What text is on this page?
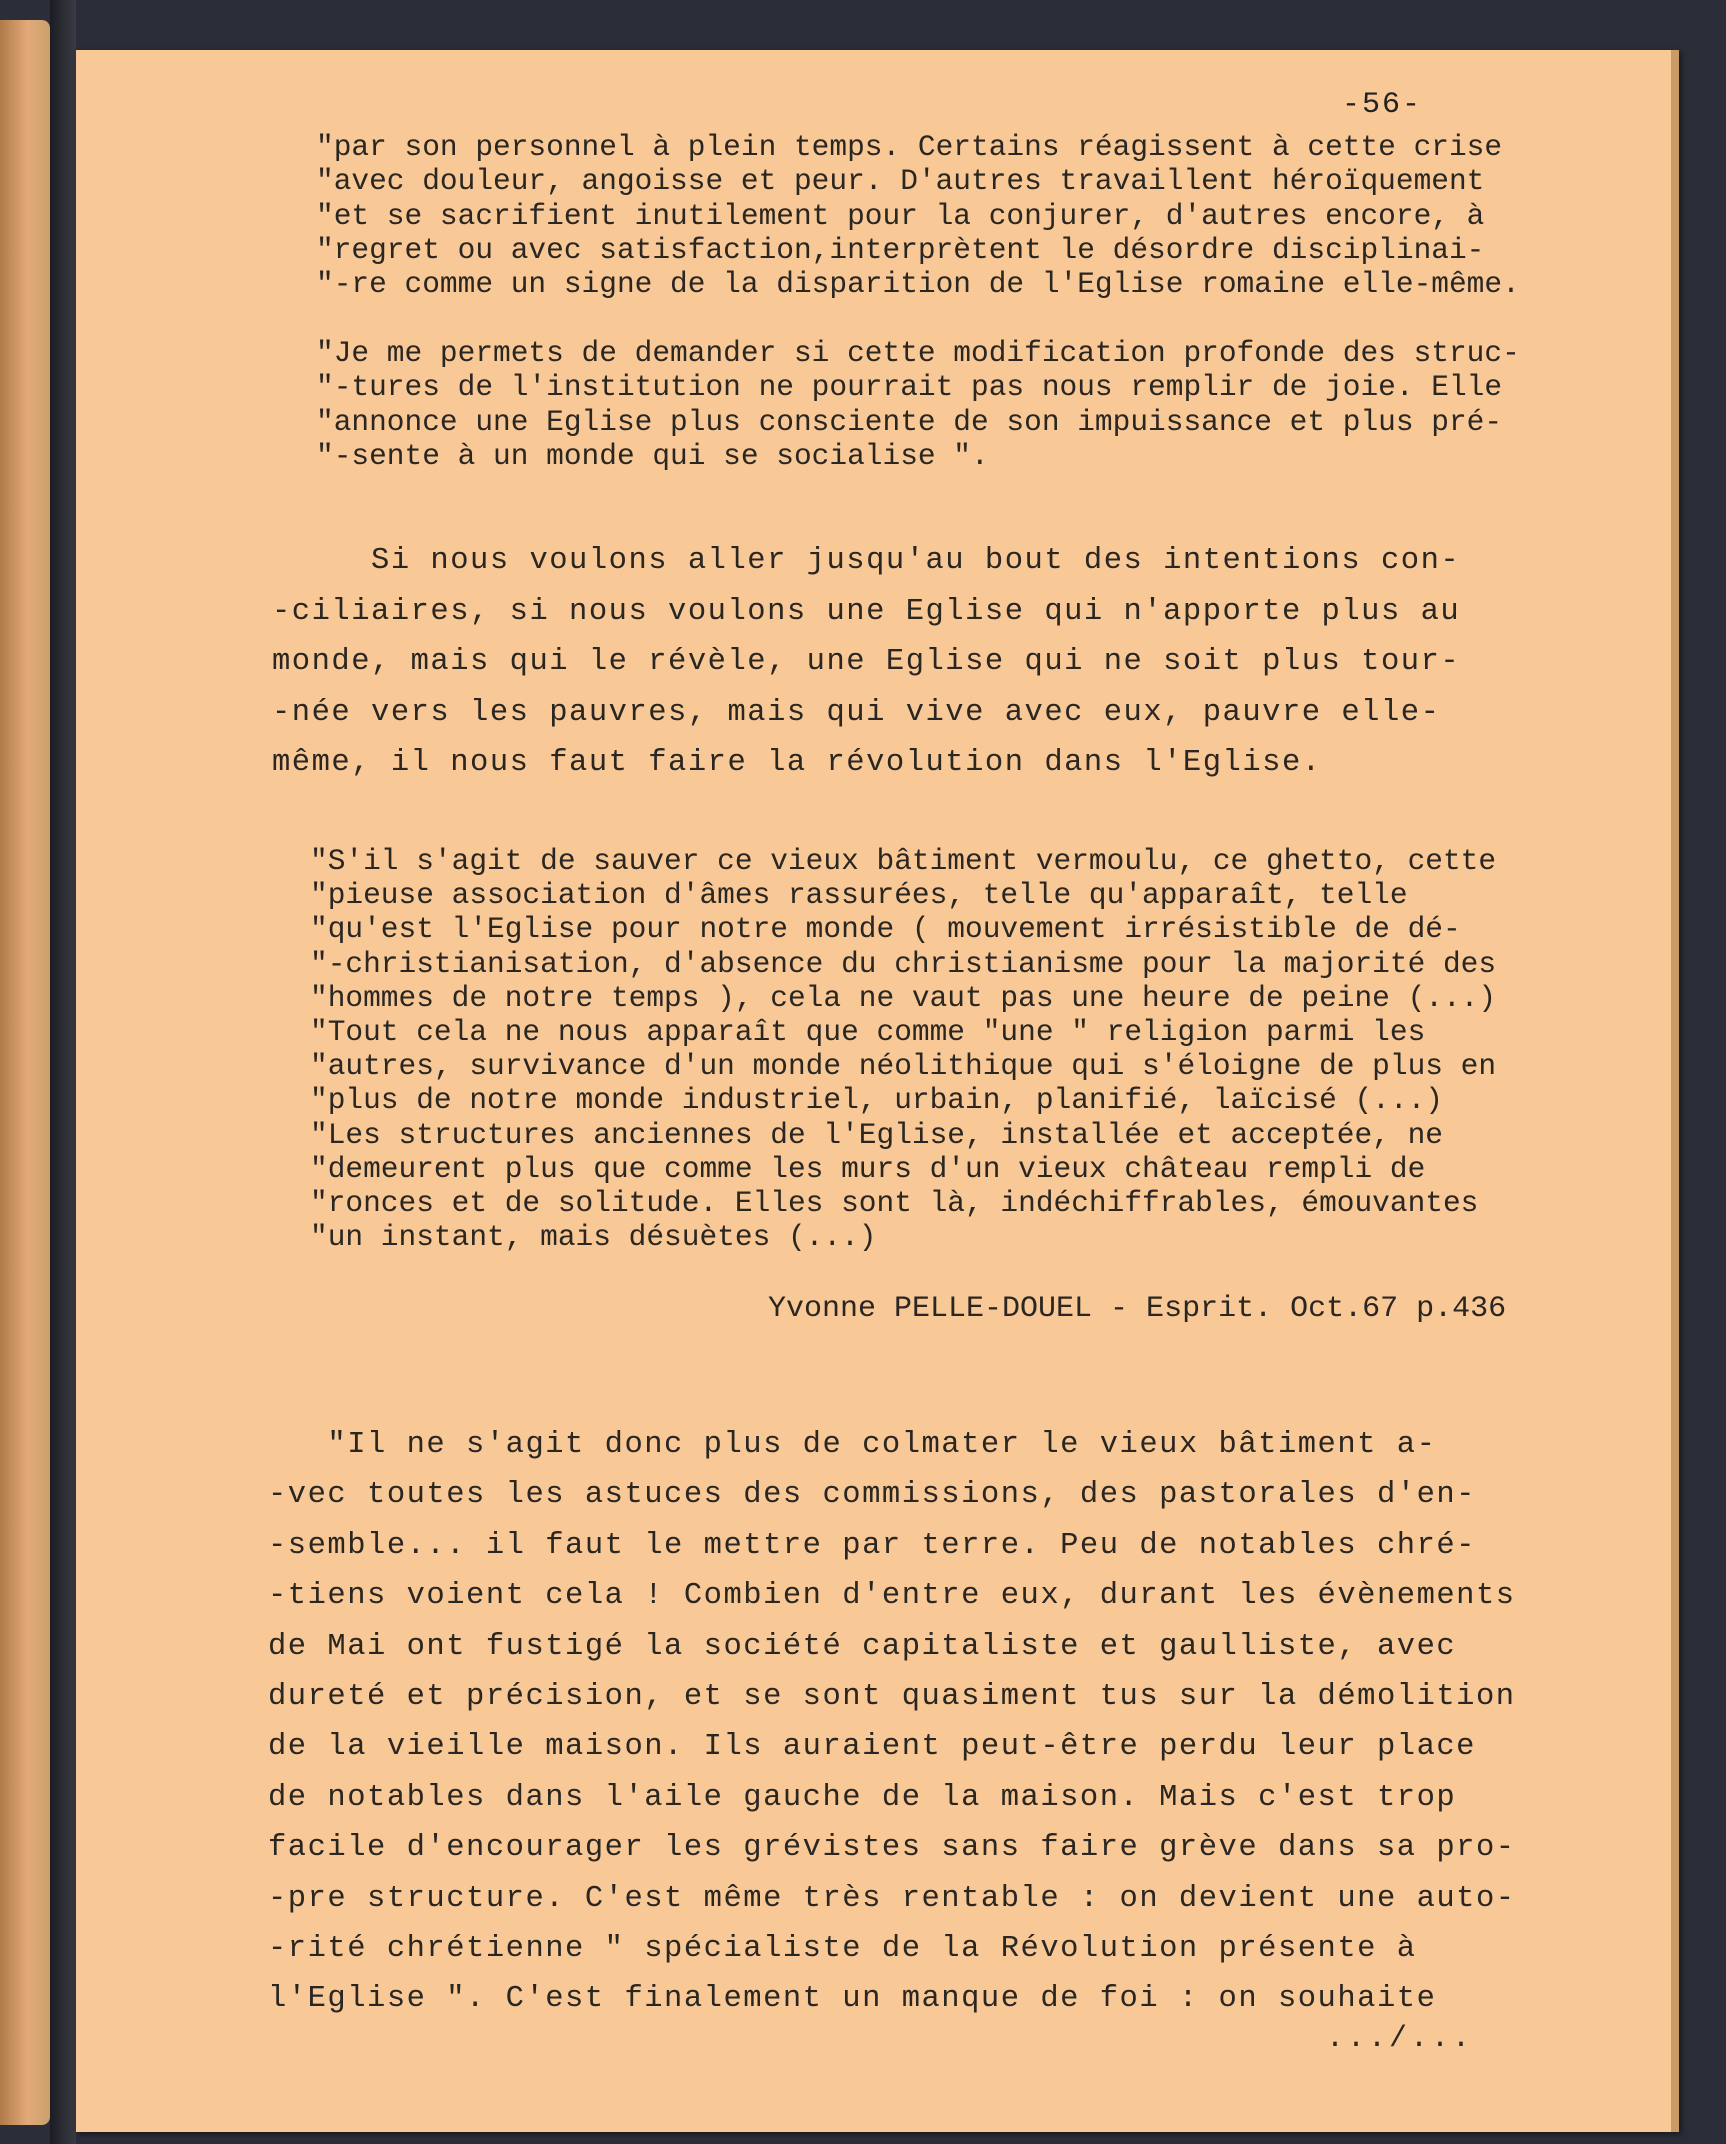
-56-

"par son personnel à plein temps. Certains réagissent à cette crise

"avec douleur, angoisse et peur. D'autres travaillent héroïquement

"et se sacrifient inutilement pour la conjurer, d'autres encore, à

"regret ou avec satisfaction,interprètent le désordre disciplinai-

"-re comme un signe de la disparition de l'Eglise romaine elle-même.

"Je me permets de demander si cette modification profonde des struc-

"-tures de l'institution ne pourrait pas nous remplir de joie. Elle

"annonce une Eglise plus consciente de son impuissance et plus pré-

"-sente à un monde qui se socialise ".

Si nous voulons aller jusqu'au bout des intentions con-

-ciliaires, si nous voulons une Eglise qui n'apporte plus au

monde, mais qui le révèle, une Eglise qui ne soit plus tour-

-née vers les pauvres, mais qui vive avec eux, pauvre elle-

même, il nous faut faire la révolution dans l'Eglise.

"S'il s'agit de sauver ce vieux bâtiment vermoulu, ce ghetto, cette

"pieuse association d'âmes rassurées, telle qu'apparaît, telle

"qu'est l'Eglise pour notre monde ( mouvement irrésistible de dé-

"-christianisation, d'absence du christianisme pour la majorité des

"hommes de notre temps ), cela ne vaut pas une heure de peine (...)

"Tout cela ne nous apparaît que comme "une " religion parmi les

"autres, survivance d'un monde néolithique qui s'éloigne de plus en

"plus de notre monde industriel, urbain, planifié, laïcisé (...)

"Les structures anciennes de l'Eglise, installée et acceptée, ne

"demeurent plus que comme les murs d'un vieux château rempli de

"ronces et de solitude. Elles sont là, indéchiffrables, émouvantes

"un instant, mais désuètes (...)

Yvonne PELLE-DOUEL - Esprit. Oct.67 p.436

"Il ne s'agit donc plus de colmater le vieux bâtiment a-

-vec toutes les astuces des commissions, des pastorales d'en-

-semble... il faut le mettre par terre. Peu de notables chré-

-tiens voient cela ! Combien d'entre eux, durant les évènements

de Mai ont fustigé la société capitaliste et gaulliste, avec

dureté et précision, et se sont quasiment tus sur la démolition

de la vieille maison. Ils auraient peut-être perdu leur place

de notables dans l'aile gauche de la maison. Mais c'est trop

facile d'encourager les grévistes sans faire grève dans sa pro-

-pre structure. C'est même très rentable : on devient une auto-

-rité chrétienne " spécialiste de la Révolution présente à

l'Eglise ". C'est finalement un manque de foi : on souhaite

.../...
